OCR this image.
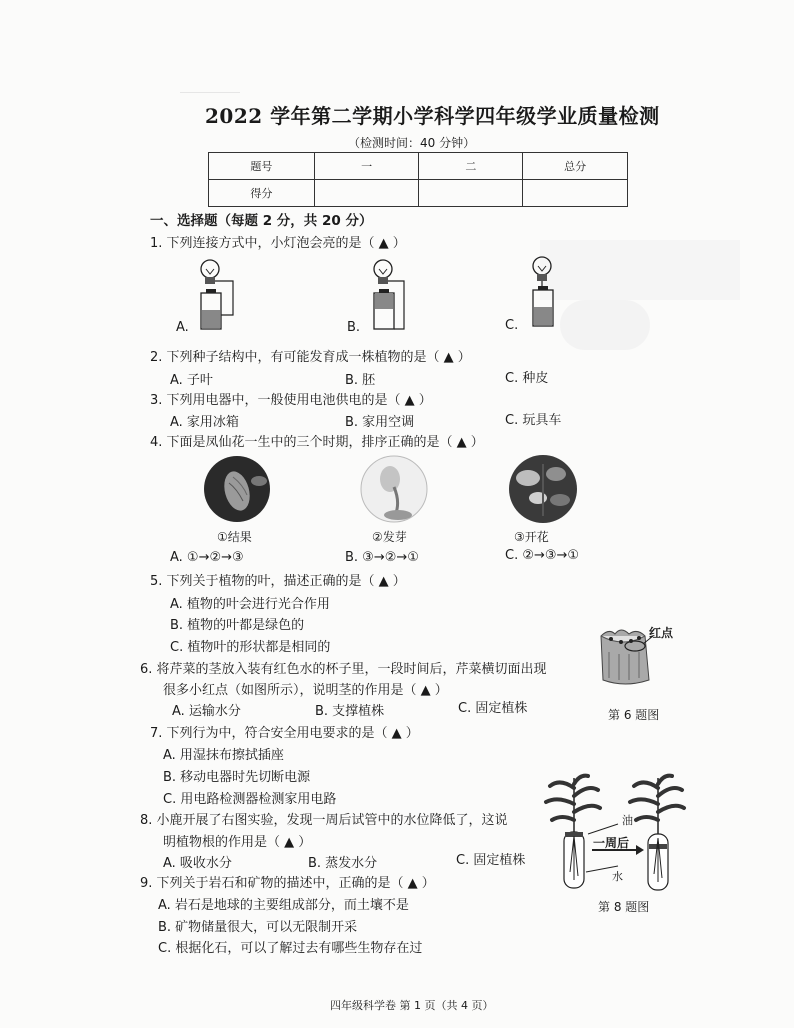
2022 学年第二学期小学科学四年级学业质量检测
（检测时间：40 分钟）
题号	一	二	总分
得分			
一、选择题（每题 2 分，共 20 分）
1. 下列连接方式中，小灯泡会亮的是（ ▲ ）
A.	B.	C.
2. 下列种子结构中，有可能发育成一株植物的是（ ▲ ）
A. 子叶	B. 胚	C. 种皮
3. 下列用电器中，一般使用电池供电的是（ ▲ ）
A. 家用冰箱	B. 家用空调	C. 玩具车
4. 下面是凤仙花一生中的三个时期，排序正确的是（ ▲ ）
①结果	②发芽	③开花
A. ①→②→③	B. ③→②→①	C. ②→③→①
5. 下列关于植物的叶，描述正确的是（ ▲ ）
A. 植物的叶会进行光合作用
B. 植物的叶都是绿色的
C. 植物叶的形状都是相同的
6. 将芹菜的茎放入装有红色水的杯子里，一段时间后，芹菜横切面出现
很多小红点（如图所示），说明茎的作用是（ ▲ ）
A. 运输水分	B. 支撑植株	C. 固定植株
红点
第 6 题图
7. 下列行为中，符合安全用电要求的是（ ▲ ）
A. 用湿抹布擦拭插座
B. 移动电器时先切断电源
C. 用电路检测器检测家用电路
8. 小鹿开展了右图实验，发现一周后试管中的水位降低了，这说
明植物根的作用是（ ▲ ）
A. 吸收水分	B. 蒸发水分	C. 固定植株
油
一周后
水
第 8 题图
9. 下列关于岩石和矿物的描述中，正确的是（ ▲ ）
A. 岩石是地球的主要组成部分，而土壤不是
B. 矿物储量很大，可以无限制开采
C. 根据化石，可以了解过去有哪些生物存在过
四年级科学卷 第 1 页（共 4 页）
